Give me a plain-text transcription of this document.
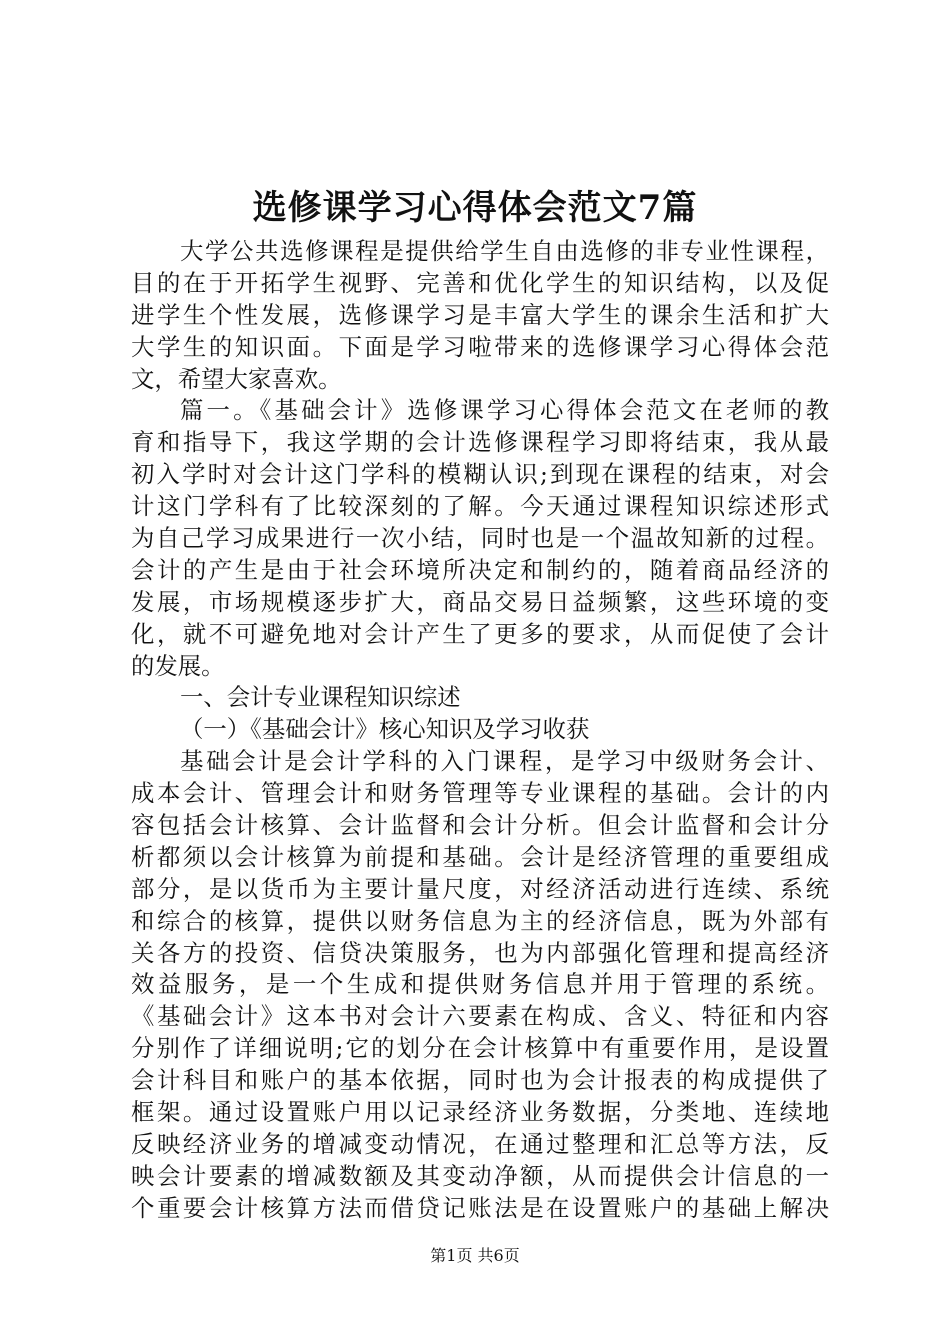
选修课学习心得体会范文7篇
大学公共选修课程是提供给学生自由选修的非专业性课程，
目的在于开拓学生视野、完善和优化学生的知识结构，以及促
进学生个性发展，选修课学习是丰富大学生的课余生活和扩大
大学生的知识面。下面是学习啦带来的选修课学习心得体会范
文，希望大家喜欢。
篇一。《基础会计》选修课学习心得体会范文在老师的教
育和指导下，我这学期的会计选修课程学习即将结束，我从最
初入学时对会计这门学科的模糊认识;到现在课程的结束，对会
计这门学科有了比较深刻的了解。今天通过课程知识综述形式
为自己学习成果进行一次小结，同时也是一个温故知新的过程。
会计的产生是由于社会环境所决定和制约的，随着商品经济的
发展，市场规模逐步扩大，商品交易日益频繁，这些环境的变
化，就不可避免地对会计产生了更多的要求，从而促使了会计
的发展。
一、会计专业课程知识综述
（一）《基础会计》核心知识及学习收获
基础会计是会计学科的入门课程，是学习中级财务会计、
成本会计、管理会计和财务管理等专业课程的基础。会计的内
容包括会计核算、会计监督和会计分析。但会计监督和会计分
析都须以会计核算为前提和基础。会计是经济管理的重要组成
部分，是以货币为主要计量尺度，对经济活动进行连续、系统
和综合的核算，提供以财务信息为主的经济信息，既为外部有
关各方的投资、信贷决策服务，也为内部强化管理和提高经济
效益服务，是一个生成和提供财务信息并用于管理的系统。
《基础会计》这本书对会计六要素在构成、含义、特征和内容
分别作了详细说明;它的划分在会计核算中有重要作用，是设置
会计科目和账户的基本依据，同时也为会计报表的构成提供了
框架。通过设置账户用以记录经济业务数据，分类地、连续地
反映经济业务的增减变动情况，在通过整理和汇总等方法，反
映会计要素的增减数额及其变动净额，从而提供会计信息的一
个重要会计核算方法而借贷记账法是在设置账户的基础上解决
第1页 共6页
